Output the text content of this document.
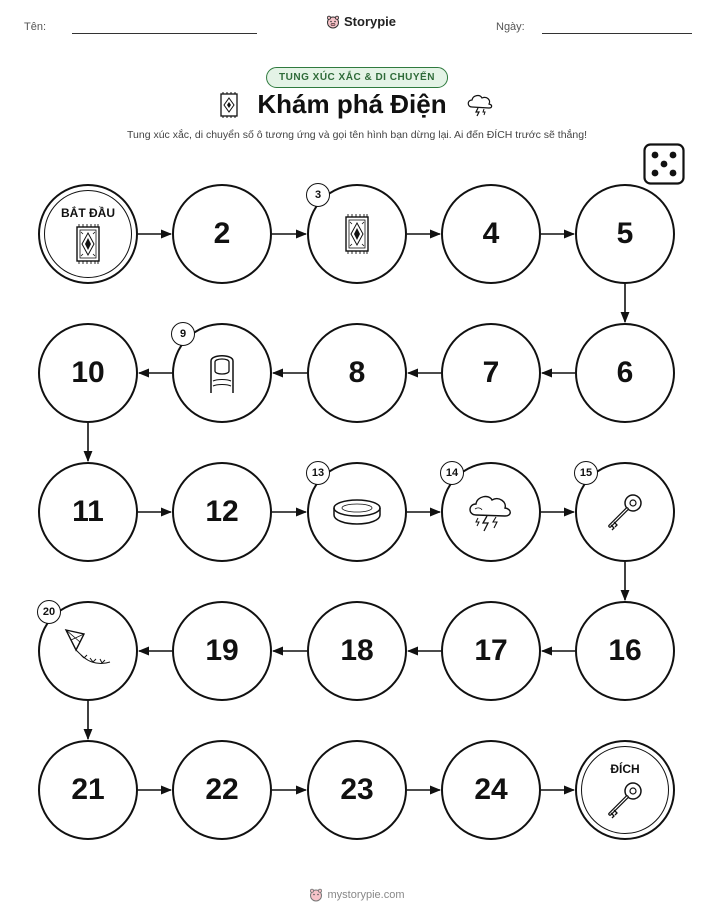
Tên:	Storypie	Ngày:
TUNG XÚC XẮC & DI CHUYỂN
Khám phá Điện
Tung xúc xắc, di chuyển số ô tương ứng và gọi tên hình bạn dừng lại. Ai đến ĐÍCH trước sẽ thắng!
BẮT ĐẦU
2
3
4	5
6
7
8
9
10
11	12
13	14	15
16
17
18
19
20
21	22	23	24
ĐÍCH
mystorypie.com
